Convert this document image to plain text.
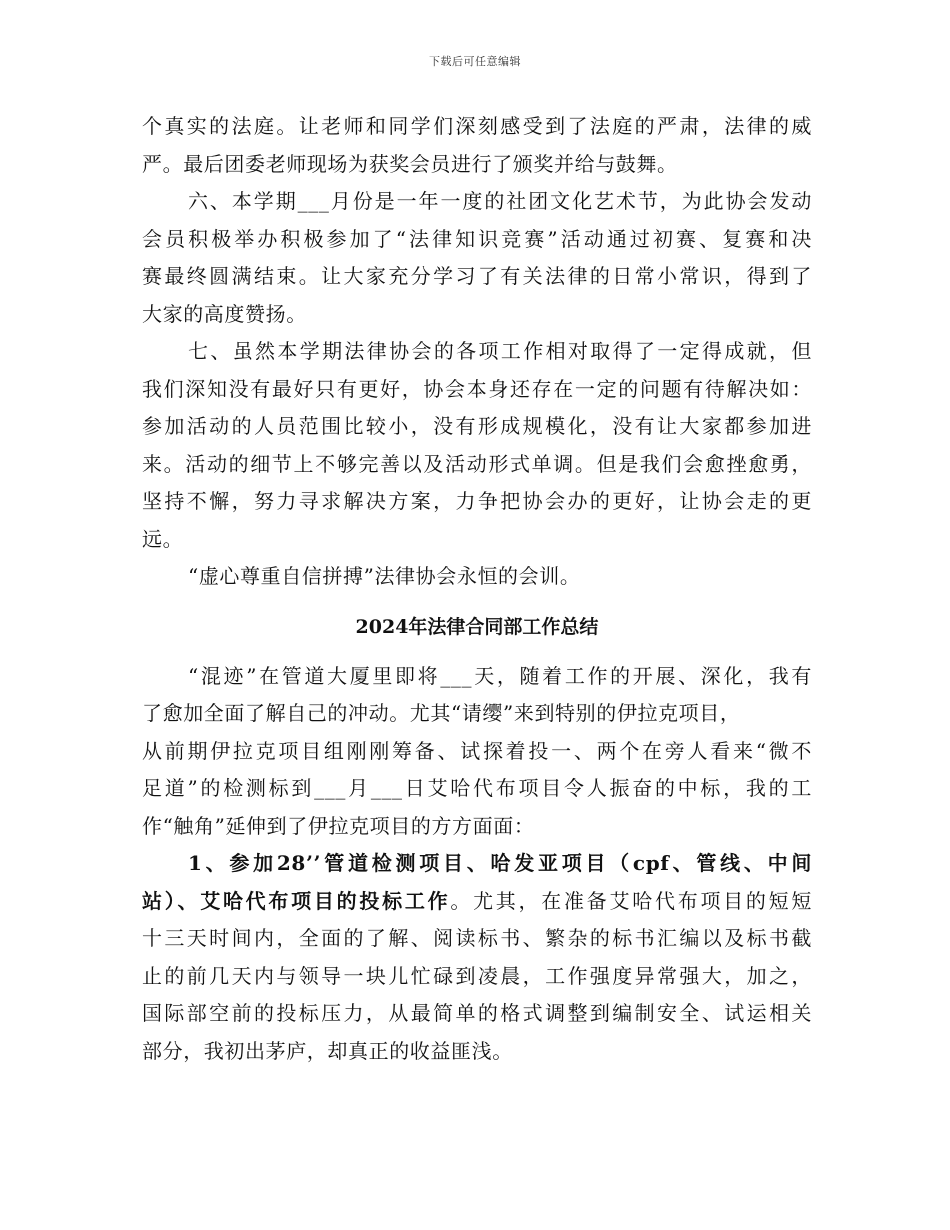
下载后可任意编辑
个真实的法庭。让老师和同学们深刻感受到了法庭的严肃，法律的威
严。最后团委老师现场为获奖会员进行了颁奖并给与鼓舞。
六、本学期___月份是一年一度的社团文化艺术节，为此协会发动
会员积极举办积极参加了“法律知识竞赛”活动通过初赛、复赛和决
赛最终圆满结束。让大家充分学习了有关法律的日常小常识，得到了
大家的高度赞扬。
七、虽然本学期法律协会的各项工作相对取得了一定得成就，但
我们深知没有最好只有更好，协会本身还存在一定的问题有待解决如：
参加活动的人员范围比较小，没有形成规模化，没有让大家都参加进
来。活动的细节上不够完善以及活动形式单调。但是我们会愈挫愈勇，
坚持不懈，努力寻求解决方案，力争把协会办的更好，让协会走的更
远。
“虚心尊重自信拼搏”法律协会永恒的会训。
2024年法律合同部工作总结
“混迹”在管道大厦里即将___天，随着工作的开展、深化，我有
了愈加全面了解自己的冲动。尤其“请缨”来到特别的伊拉克项目，
从前期伊拉克项目组刚刚筹备、试探着投一、两个在旁人看来“微不
足道”的检测标到___月___日艾哈代布项目令人振奋的中标，我的工
作“触角”延伸到了伊拉克项目的方方面面：
1、参加28’’管道检测项目、哈发亚项目（cpf、管线、中间
站）、艾哈代布项目的投标工作。尤其，在准备艾哈代布项目的短短
十三天时间内，全面的了解、阅读标书、繁杂的标书汇编以及标书截
止的前几天内与领导一块儿忙碌到凌晨，工作强度异常强大，加之，
国际部空前的投标压力，从最简单的格式调整到编制安全、试运相关
部分，我初出茅庐，却真正的收益匪浅。
